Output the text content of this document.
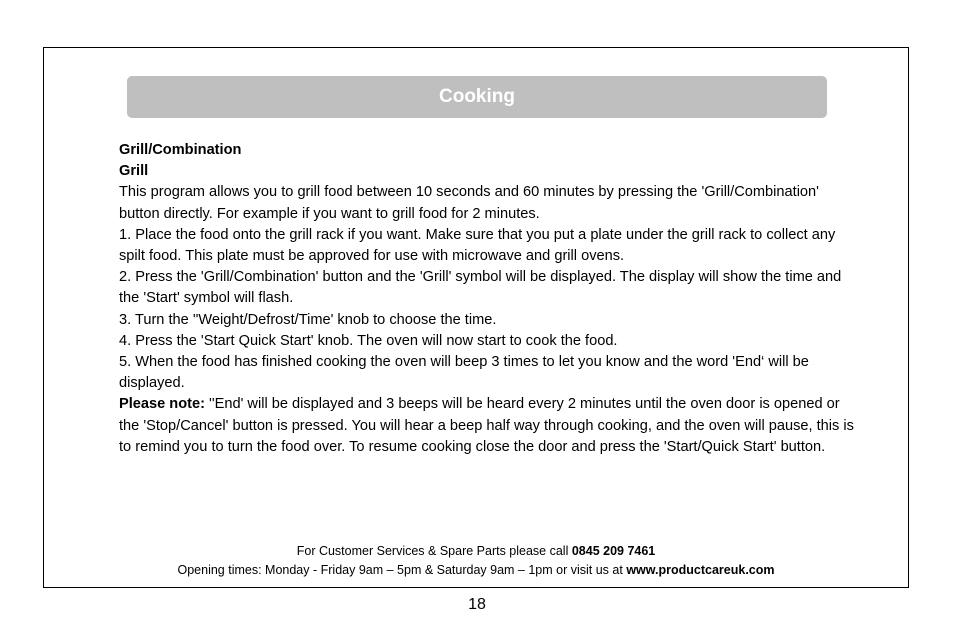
Cooking

Grill/Combination

Grill

This program allows you to grill food between 10 seconds and 60 minutes by pressing the 'Grill/Combination' button directly. For example if you want to grill food for 2 minutes.

1. Place the food onto the grill rack if you want. Make sure that you put a plate under the grill rack to collect any spilt food. This plate must be approved for use with microwave and grill ovens.

2. Press the 'Grill/Combination' button and the 'Grill' symbol will be displayed. The display will show the time and the 'Start' symbol will flash.

3. Turn the ''Weight/Defrost/Time' knob to choose the time.

4. Press the 'Start Quick Start' knob. The oven will now start to cook the food.

5. When the food has finished cooking the oven will beep 3 times to let you know and the word 'End‘ will be displayed.

Please note: ''End' will be displayed and 3 beeps will be heard every 2 minutes until the oven door is opened or the 'Stop/Cancel' button is pressed. You will hear a beep half way through cooking, and the oven will pause, this is to remind you to turn the food over. To resume cooking close the door and press the 'Start/Quick Start' button.

For Customer Services & Spare Parts please call 0845 209 7461
Opening times: Monday - Friday 9am – 5pm & Saturday 9am – 1pm or visit us at www.productcareuk.com
18
